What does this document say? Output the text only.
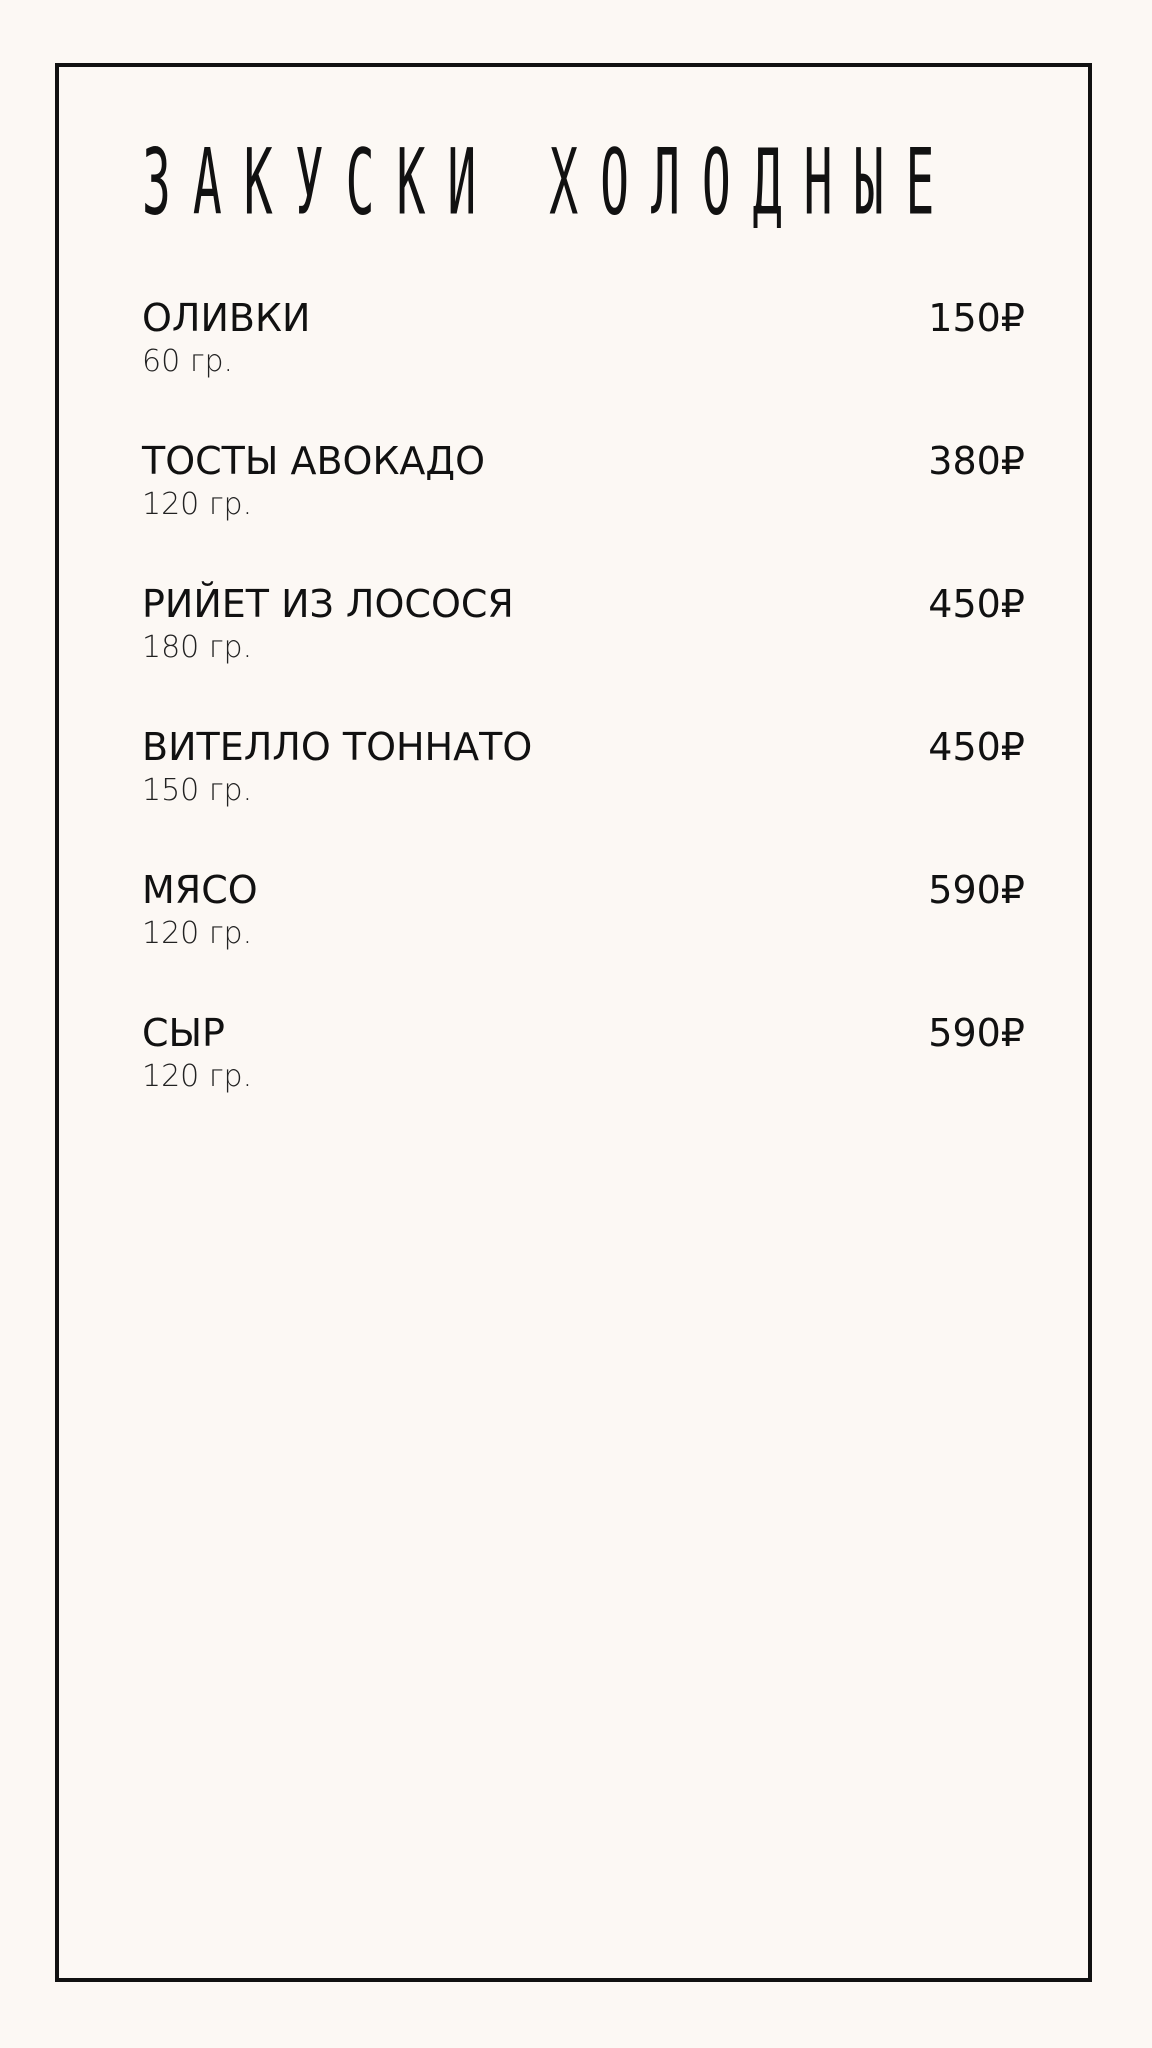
ЗАКУСКИ ХОЛОДНЫЕ
ОЛИВКИ
60 гр.
150₽
ТОСТЫ АВОКАДО
120 гр.
380₽
РИЙЕТ ИЗ ЛОСОСЯ
180 гр.
450₽
ВИТЕЛЛО ТОННАТО
150 гр.
450₽
МЯСО
120 гр.
590₽
СЫР
120 гр.
590₽
